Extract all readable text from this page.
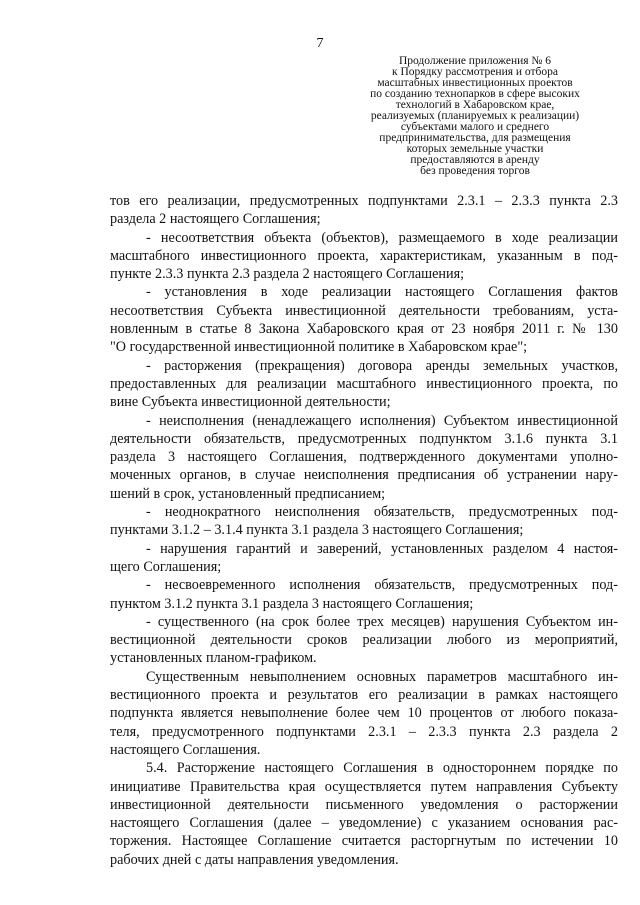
7
Продолжение приложения № 6
к Порядку рассмотрения и отбора
масштабных инвестиционных проектов
по созданию технопарков в сфере высоких
технологий в Хабаровском крае,
реализуемых (планируемых к реализации)
субъектами малого и среднего
предпринимательства, для размещения
которых земельные участки
предоставляются в аренду
без проведения торгов

тов его реализации, предусмотренных подпунктами 2.3.1 – 2.3.3 пункта 2.3

раздела 2 настоящего Соглашения;

- несоответствия объекта (объектов), размещаемого в ходе реализации

масштабного инвестиционного проекта, характеристикам, указанным в под-

пункте 2.3.3 пункта 2.3 раздела 2 настоящего Соглашения;

- установления в ходе реализации настоящего Соглашения фактов

несоответствия Субъекта инвестиционной деятельности требованиям, уста-

новленным в статье 8 Закона Хабаровского края от 23 ноября 2011 г. № 130

"О государственной инвестиционной политике в Хабаровском крае";

- расторжения (прекращения) договора аренды земельных участков,

предоставленных для реализации масштабного инвестиционного проекта, по

вине Субъекта инвестиционной деятельности;

- неисполнения (ненадлежащего исполнения) Субъектом инвестиционной

деятельности обязательств, предусмотренных подпунктом 3.1.6 пункта 3.1

раздела 3 настоящего Соглашения, подтвержденного документами уполно-

моченных органов, в случае неисполнения предписания об устранении нару-

шений в срок, установленный предписанием;

- неоднократного неисполнения обязательств, предусмотренных под-

пунктами 3.1.2 – 3.1.4 пункта 3.1 раздела 3 настоящего Соглашения;

- нарушения гарантий и заверений, установленных разделом 4 настоя-

щего Соглашения;

- несвоевременного исполнения обязательств, предусмотренных под-

пунктом 3.1.2 пункта 3.1 раздела 3 настоящего Соглашения;

- существенного (на срок более трех месяцев) нарушения Субъектом ин-

вестиционной деятельности сроков реализации любого из мероприятий,

установленных планом-графиком.

Существенным невыполнением основных параметров масштабного ин-

вестиционного проекта и результатов его реализации в рамках настоящего

подпункта является невыполнение более чем 10 процентов от любого показа-

теля, предусмотренного подпунктами 2.3.1 – 2.3.3 пункта 2.3 раздела 2

настоящего Соглашения.

5.4. Расторжение настоящего Соглашения в одностороннем порядке по

инициативе Правительства края осуществляется путем направления Субъекту

инвестиционной деятельности письменного уведомления о расторжении

настоящего Соглашения (далее – уведомление) с указанием основания рас-

торжения. Настоящее Соглашение считается расторгнутым по истечении 10

рабочих дней с даты направления уведомления.
